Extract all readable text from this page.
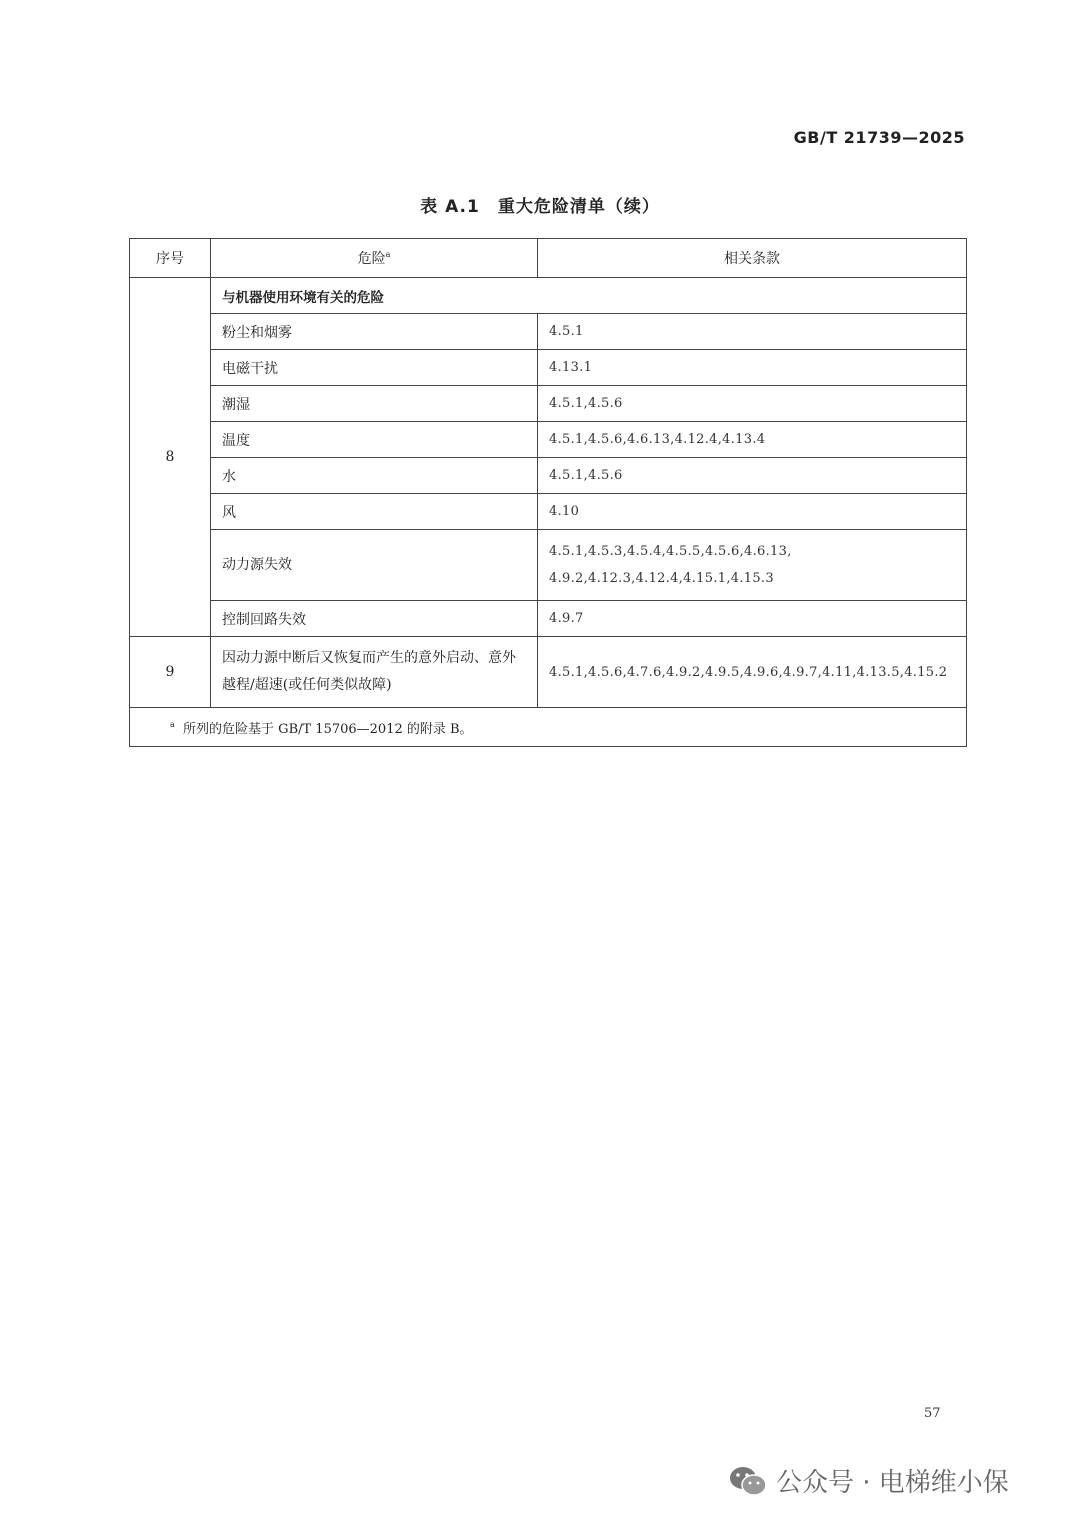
GB/T 21739—2025
表 A.1　重大危险清单（续）
序号	危险$^a$	相关条款
8	与机器使用环境有关的危险	
	粉尘和烟雾	4.5.1
	电磁干扰	4.13.1
	潮湿	4.5.1,4.5.6
	温度	4.5.1,4.5.6,4.6.13,4.12.4,4.13.4
	水	4.5.1,4.5.6
	风	4.10
	动力源失效	4.5.1,4.5.3,4.5.4,4.5.5,4.5.6,4.6.13, 4.9.2,4.12.3,4.12.4,4.15.1,4.15.3
	控制回路失效	4.9.7
9	因动力源中断后又恢复而产生的意外启动、意外越程/超速(或任何类似故障)	4.5.1,4.5.6,4.7.6,4.9.2,4.9.5,4.9.6,4.9.7,4.11,4.13.5,4.15.2
$^a$ 所列的危险基于 GB/T 15706—2012 的附录 B。		
57
公众号 · 电梯维小保
